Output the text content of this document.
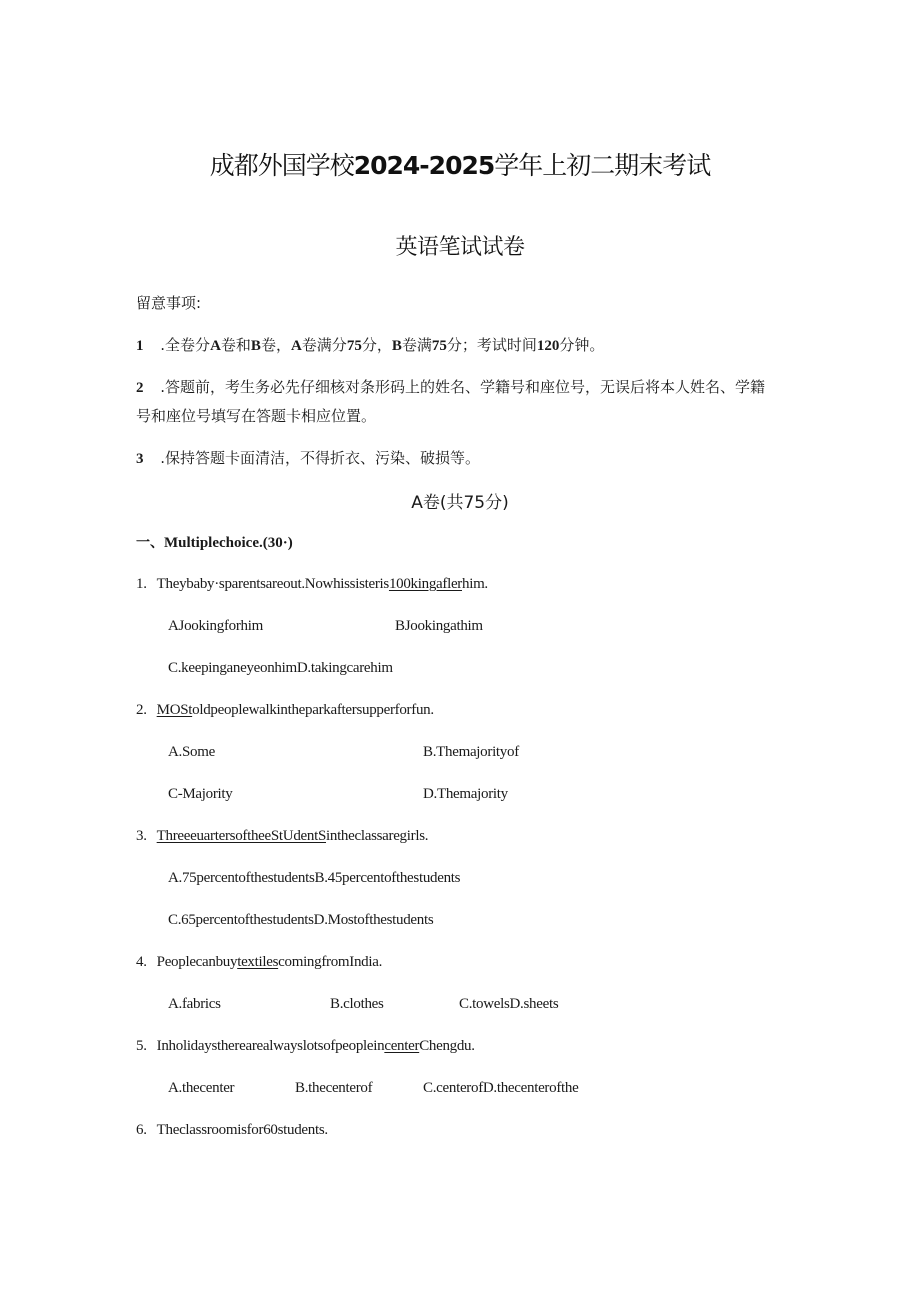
成都外国学校2024-2025学年上初二期末考试
英语笔试试卷
留意事项:
1 .全卷分A卷和B卷，A卷满分75分，B卷满75分；考试时间120分钟。
2 .答题前，考生务必先仔细核对条形码上的姓名、学籍号和座位号，无误后将本人姓名、学籍
号和座位号填写在答题卡相应位置。
3 .保持答题卡面清洁，不得折衣、污染、破损等。
A卷(共75分)
一、Multiplechoice.(30·)
1. Theybaby·sparentsareout.Nowhissisteris100kingaflerhim.
AJookingforhim	BJookingathim
C.keepinganeyeonhimD.takingcarehim
2. MOStoldpeoplewalkintheparkaftersupperforfun.
A.Some	B.Themajorityof
C-Majority	D.Themajority
3. ThreeeuartersoftheeStUdentSintheclassaregirls.
A.75percentofthestudentsB.45percentofthestudents
C.65percentofthestudentsD.Mostofthestudents
4. PeoplecanbuytextilescomingfromIndia.
A.fabrics	B.clothes	C.towelsD.sheets
5. InholidaystherearealwayslotsofpeopleincenterChengdu.
A.thecenter	B.thecenterof	C.centerofD.thecenterofthe
6. Theclassroomisfor60students.
